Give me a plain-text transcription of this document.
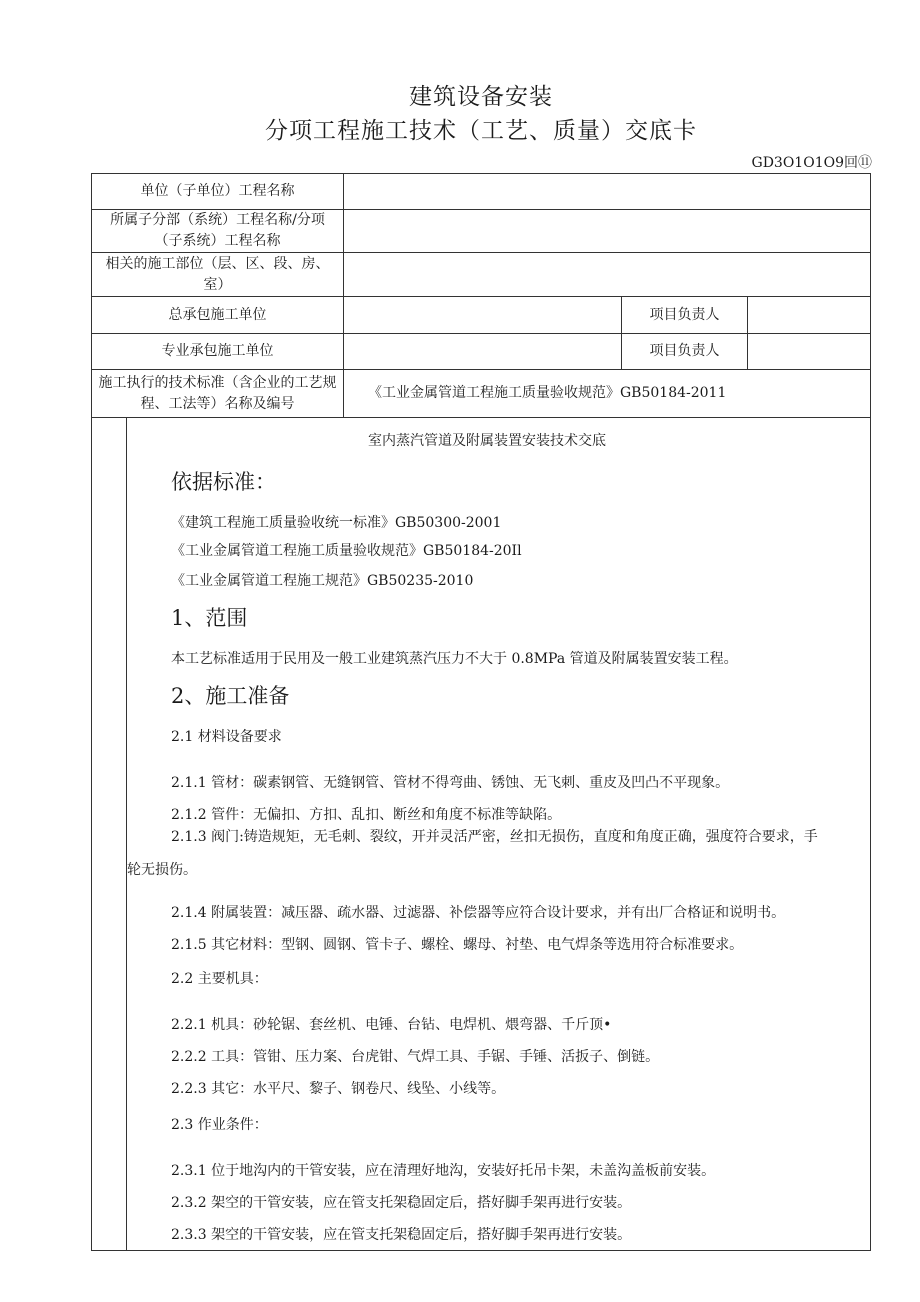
建筑设备安装
分项工程施工技术（工艺、质量）交底卡
GD3O1O1O9回⑪
单位（子单位）工程名称
所属子分部（系统）工程名称/分项（子系统）工程名称
相关的施工部位（层、区、段、房、室）
总承包施工单位	项目负责人
专业承包施工单位	项目负责人
施工执行的技术标准（含企业的工艺规程、工法等）名称及编号
《工业金属管道工程施工质量验收规范》GB50184-2011
室内蒸汽管道及附属装置安装技术交底
依据标准：
《建筑工程施工质量验收统一标准》GB50300-2001
《工业金属管道工程施工质量验收规范》GB50184-20Il
《工业金属管道工程施工规范》GB50235-2010
1、范围
本工艺标准适用于民用及一般工业建筑蒸汽压力不大于 0.8MPa 管道及附属装置安装工程。
2、施工准备
2.1 材料设备要求
2.1.1 管材：碳素钢管、无缝钢管、管材不得弯曲、锈蚀、无飞刺、重皮及凹凸不平现象。
2.1.2 管件：无偏扣、方扣、乱扣、断丝和角度不标准等缺陷。
2.1.3 阀门:铸造规矩，无毛刺、裂纹，开并灵活严密，丝扣无损伤，直度和角度正确，强度符合要求，手轮无损伤。
2.1.4 附属装置：减压器、疏水器、过滤器、补偿器等应符合设计要求，并有出厂合格证和说明书。
2.1.5 其它材料：型钢、圆钢、管卡子、螺栓、螺母、衬垫、电气焊条等选用符合标准要求。
2.2 主要机具：
2.2.1 机具：砂轮锯、套丝机、电锤、台钻、电焊机、煨弯器、千斤顶•
2.2.2 工具：管钳、压力案、台虎钳、气焊工具、手锯、手锤、活扳子、倒链。
2.2.3 其它：水平尺、黎子、钢卷尺、线坠、小线等。
2.3 作业条件：
2.3.1 位于地沟内的干管安装，应在清理好地沟，安装好托吊卡架，未盖沟盖板前安装。
2.3.2 架空的干管安装，应在管支托架稳固定后，搭好脚手架再进行安装。
2.3.3 架空的干管安装，应在管支托架稳固定后，搭好脚手架再进行安装。
